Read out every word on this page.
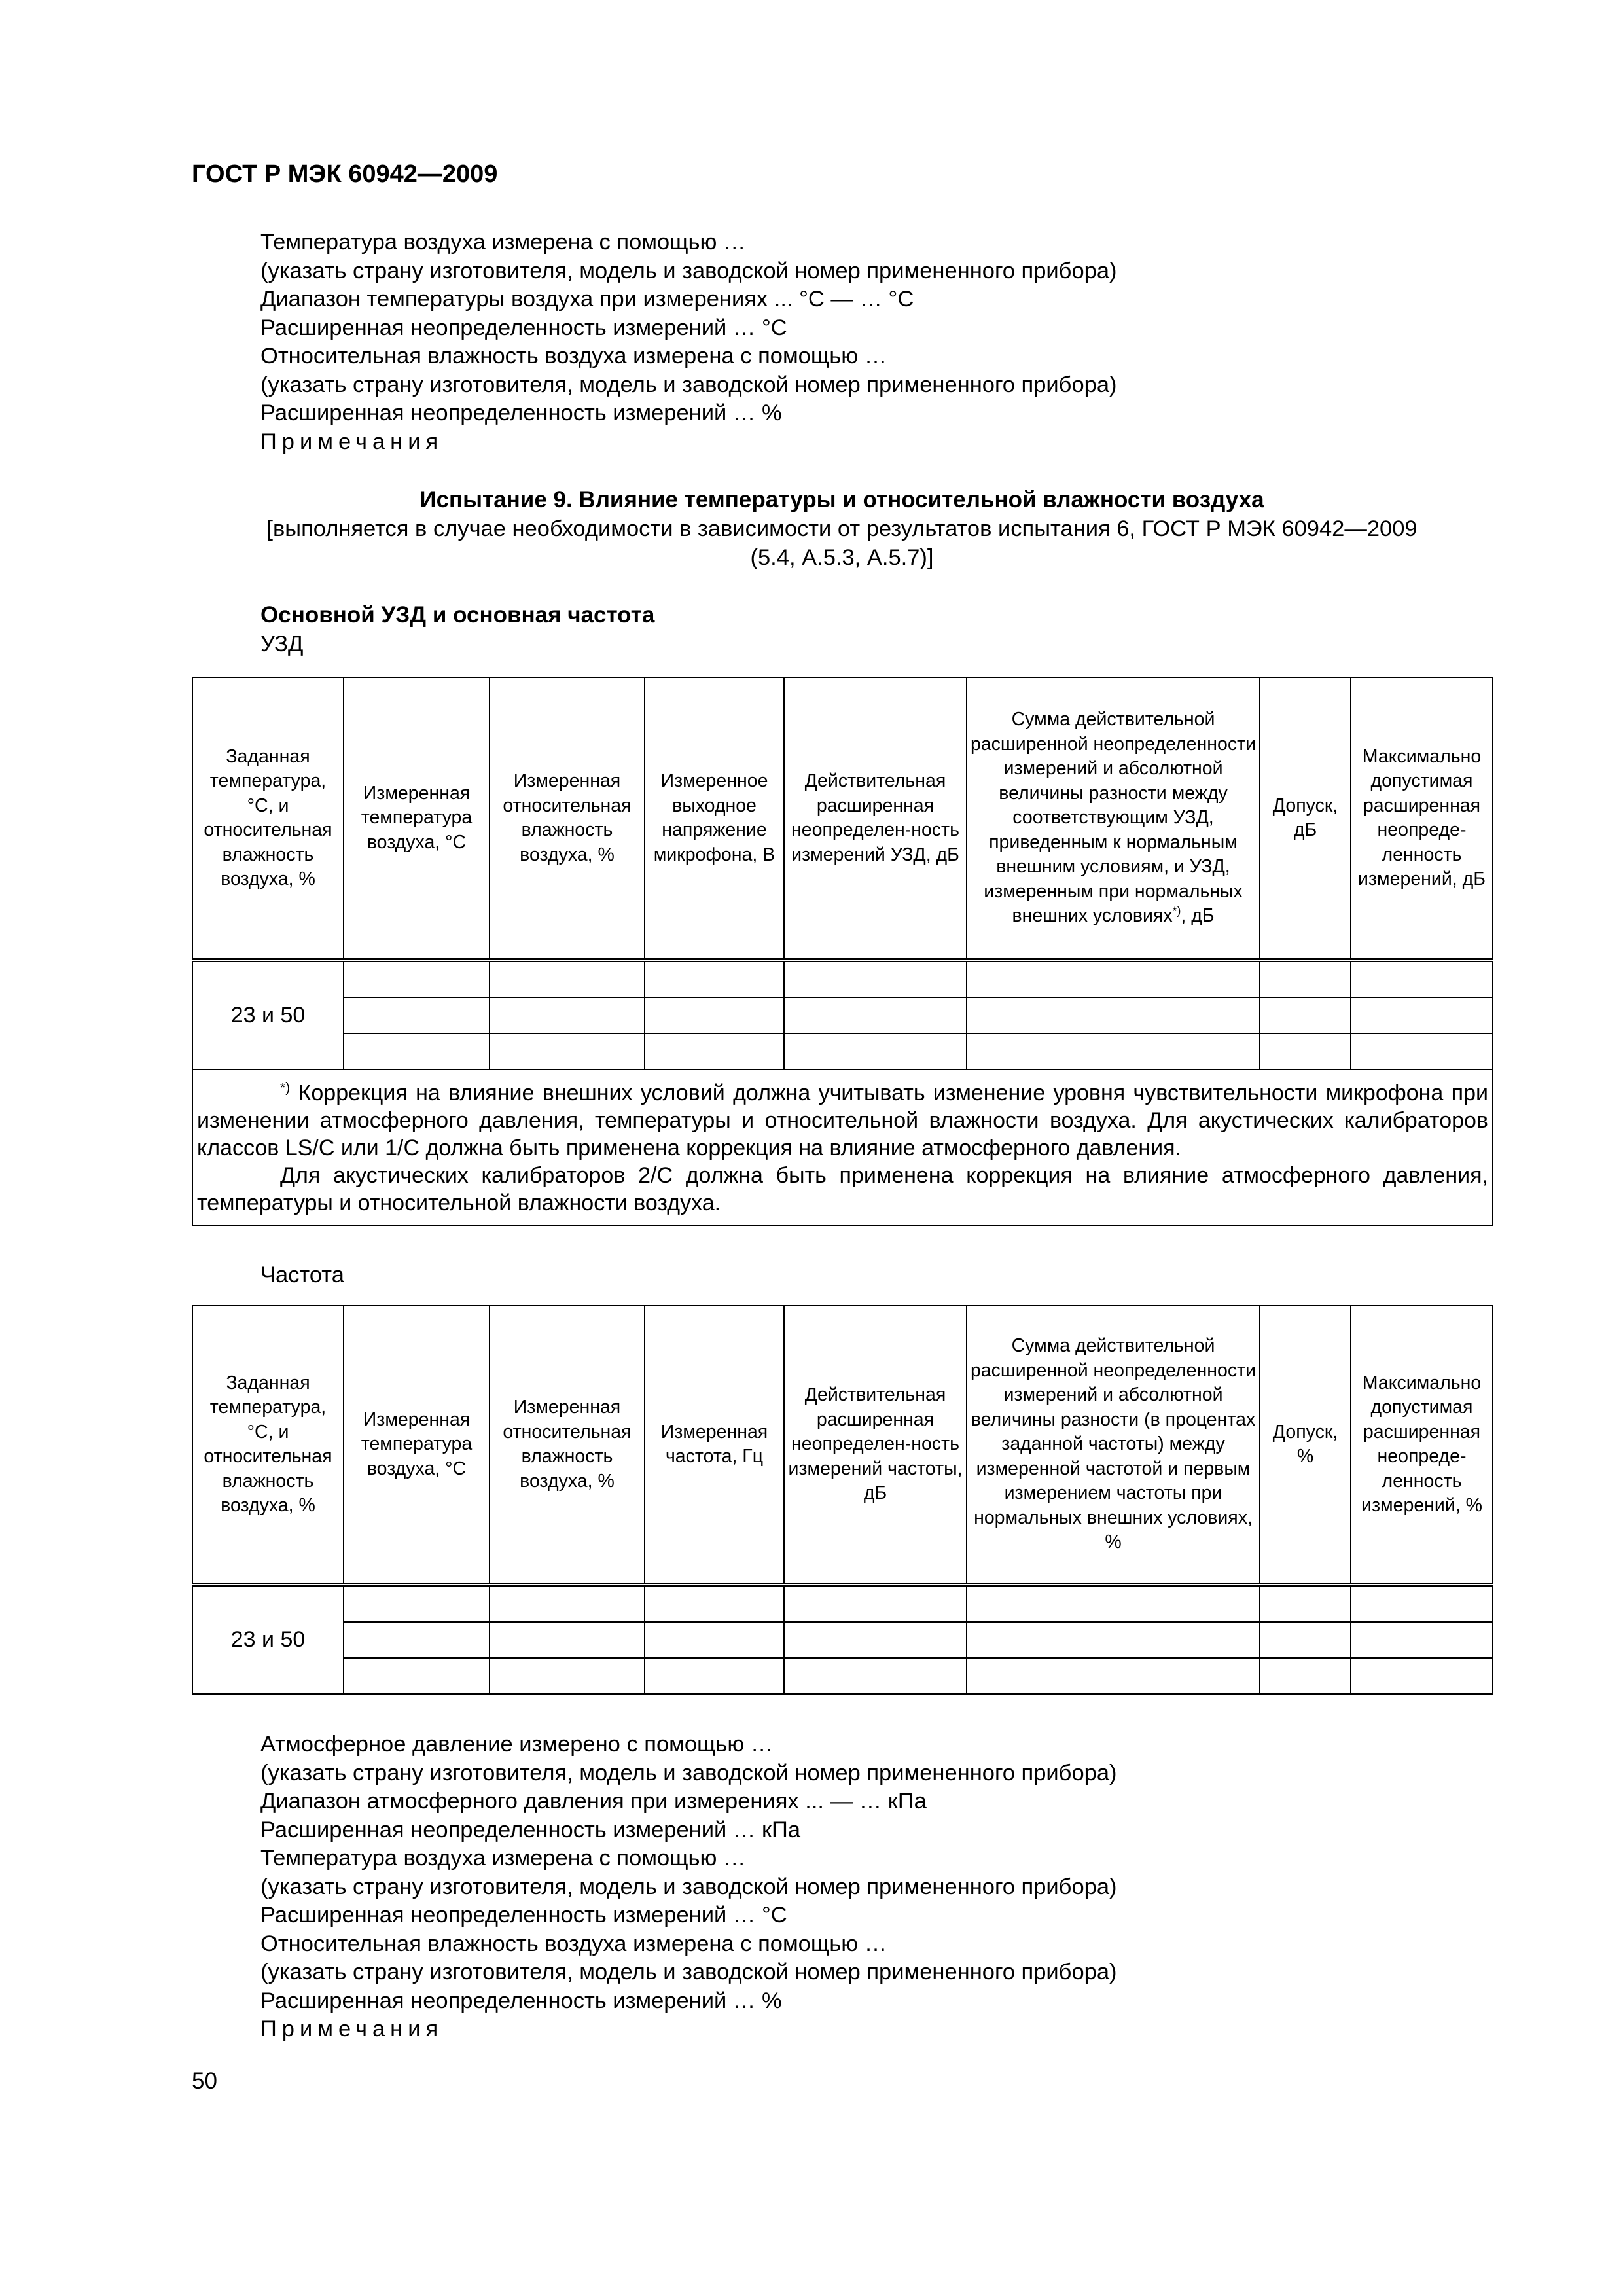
ГОСТ Р МЭК 60942—2009
Температура воздуха измерена с помощью …
(указать страну изготовителя, модель и заводской номер примененного прибора)
Диапазон температуры воздуха при измерениях ... °С — … °С
Расширенная неопределенность измерений … °С
Относительная влажность воздуха измерена с помощью …
(указать страну изготовителя, модель и заводской номер примененного прибора)
Расширенная неопределенность измерений … %
Примечания
Испытание 9. Влияние температуры и относительной влажности воздуха
[выполняется в случае необходимости в зависимости от результатов испытания 6, ГОСТ Р МЭК 60942—2009
(5.4, А.5.3, А.5.7)]
Основной УЗД и основная частота
УЗД
Заданная температура, °С, и относительная влажность воздуха, %	Измеренная температура воздуха, °С	Измеренная относительная влажность воздуха, %	Измеренное выходное напряжение микрофона, В	Действительная расширенная неопределен-ность измерений УЗД, дБ	Сумма действительной расширенной неопределенности измерений и абсолютной величины разности между соответствующим УЗД, приведенным к нормальным внешним условиям, и УЗД, измеренным при нормальных внешних условиях*), дБ	Допуск, дБ	Максимально допустимая расширенная неопреде-ленность измерений, дБ
23 и 50							

*) Коррекция на влияние внешних условий должна учитывать изменение уровня чувствительности микрофона при изменении атмосферного давления, температуры и относительной влажности воздуха. Для акустических калибраторов классов LS/С или 1/С должна быть применена коррекция на влияние атмосферного давления.
Для акустических калибраторов 2/С должна быть применена коррекция на влияние атмосферного давления, температуры и относительной влажности воздуха.							
Частота
Заданная температура, °С, и относительная влажность воздуха, %	Измеренная температура воздуха, °С	Измеренная относительная влажность воздуха, %	Измеренная частота, Гц	Действительная расширенная неопределен-ность измерений частоты, дБ	Сумма действительной расширенной неопределенности измерений и абсолютной величины разности (в процентах заданной частоты) между измеренной частотой и первым измерением частоты при нормальных внешних условиях, %	Допуск, %	Максимально допустимая расширенная неопреде-ленность измерений, %
23 и 50							

Атмосферное давление измерено с помощью …
(указать страну изготовителя, модель и заводской номер примененного прибора)
Диапазон атмосферного давления при измерениях ... — … кПа
Расширенная неопределенность измерений … кПа
Температура воздуха измерена с помощью …
(указать страну изготовителя, модель и заводской номер примененного прибора)
Расширенная неопределенность измерений … °С
Относительная влажность воздуха измерена с помощью …
(указать страну изготовителя, модель и заводской номер примененного прибора)
Расширенная неопределенность измерений … %
Примечания
50
